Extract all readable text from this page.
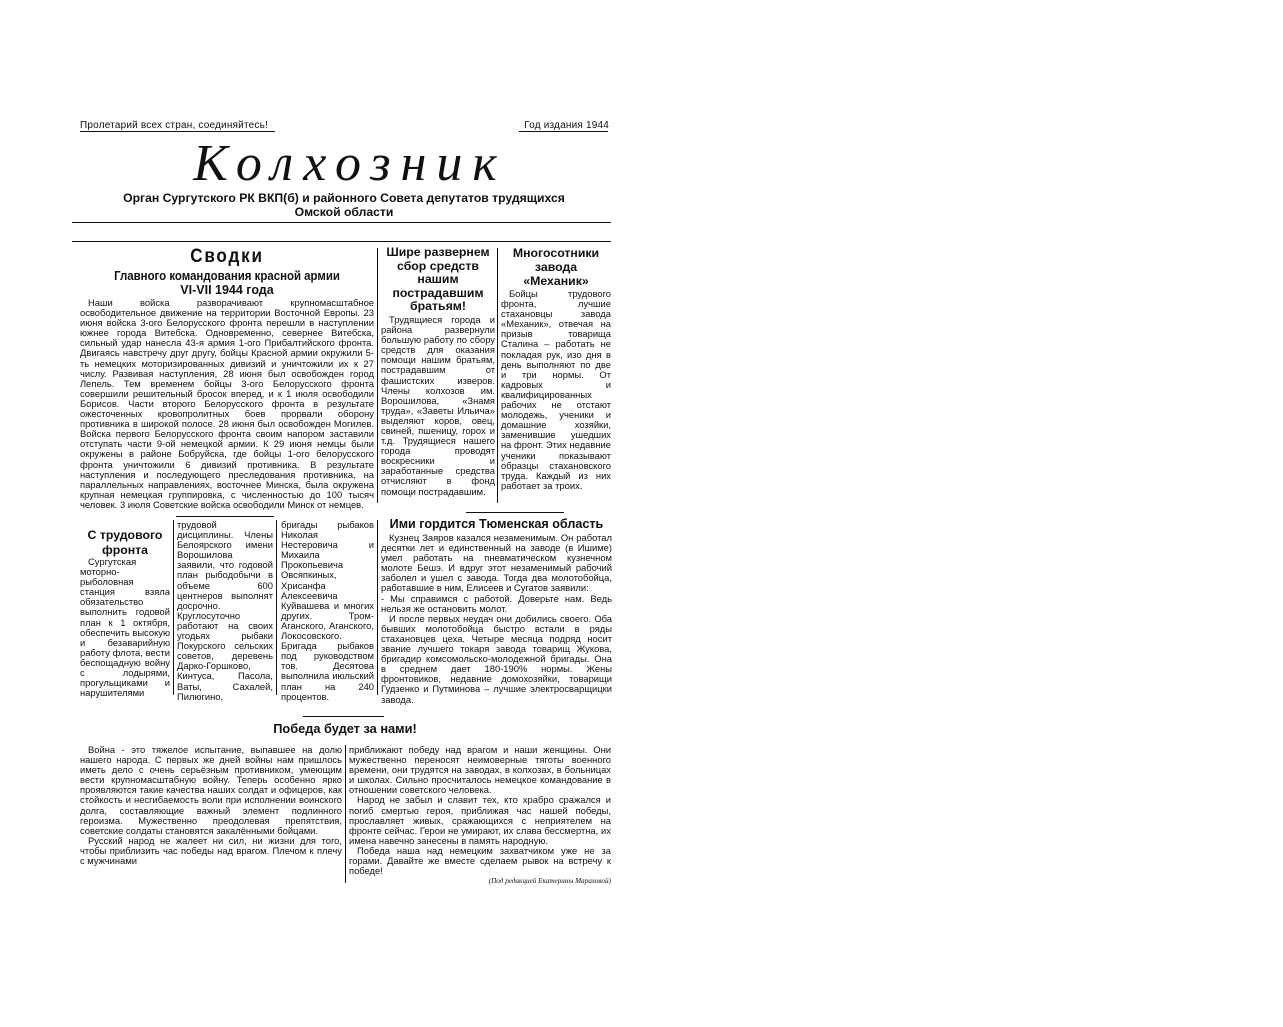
Пролетарий всех стран, соединяйтесь!	Год издания 1944
Колхозник
Орган Сургутского РК ВКП(б) и районного Совета депутатов трудящихся
Омской области
Сводки
Главного командования красной армии
VI-VII 1944 года

Наши войска разворачивают крупномасштабное освободительное движение на территории Восточной Европы. 23 июня войска 3-ого Белорусского фронта перешли в наступлении южнее города Витебска. Одновременно, севернее Витебска, сильный удар нанесла 43-я армия 1-ого Прибалтийского фронта. Двигаясь навстречу друг другу, бойцы Красной армии окружили 5-ть немецких моторизированных дивизий и уничтожили их к 27 числу. Развивая наступления, 28 июня был освобожден город Лепель. Тем временем бойцы 3-ого Белорусского фронта совершили решительный бросок вперед, и к 1 июля освободили Борисов. Части второго Белорусского фронта в результате ожесточенных кровопролитных боев прорвали оборону противника в широкой полосе. 28 июня был освобожден Могилев. Войска первого Белорусского фронта своим напором заставили отступать части 9-ой немецкой армии. К 29 июня немцы были окружены в районе Бобруйска, где бойцы 1-ого белорусского фронта уничтожили 6 дивизий противника. В результате наступления и последующего преследования противника, на параллельных направлениях, восточнее Минска, была окружена крупная немецкая группировка, с численностью до 100 тысяч человек. 3 июля Советские войска освободили Минск от немцев.

Шире развернем сбор средств нашим пострадавшим братьям!

Трудящиеся города и района развернули большую работу по сбору средств для оказания помощи нашим братьям, пострадавшим от фашистских изверов. Члены колхозов им. Ворошилова, «Знамя труда», «Заветы Ильича» выделяют коров, овец, свиней, пшеницу, горох и т.д. Трудящиеся нашего города проводят воскресники и заработанные средства отчисляют в фонд помощи пострадавшим.

Многосотники завода «Механик»

Бойцы трудового фронта, лучшие стахановцы завода «Механик», отвечая на призыв товарища Сталина – работать не покладая рук, изо дня в день выполняют по две и три нормы. От кадровых и квалифицированных рабочих не отстают молодежь, ученики и домашние хозяйки, заменившие ушедших на фронт. Этих недавние ученики показывают образцы стахановского труда. Каждый из них работает за троих.

С трудового фронта

Сургутская моторно-рыболовная станция взяла обязательство выполнить годовой план к 1 октября, обеспечить высокую и безаварийную работу флота, вести беспощадную войну с лодырями, прогульщиками и нарушителями

трудовой дисциплины. Члены Белоярского имени Ворошилова заявили, что годовой план рыбодобычи в объеме 600 центнеров выполнят досрочно. Круглосуточно работают на своих угодьях рыбаки Покурского сельских советов, деревень Дарко-Горшково, Кинтуса, Пасола, Ваты, Сахалей, Пилюгино,

бригады рыбаков Николая Нестеровича и Михаила Прокопьевича Овсяпкиных, Хрисанфа Алексеевича Куйвашева и многих других. Тром-Аганского, Аганского, Локосовского. Бригада рыбаков под руководством тов. Десятова выполнила июльский план на 240 процентов.

Ими гордится Тюменская область

Кузнец Заяров казался незаменимым. Он работал десятки лет и единственный на заводе (в Ишиме) умел работать на пневматическом кузнечном молоте Бешэ. И вдруг этот незаменимый рабочий заболел и ушел с завода. Тогда два молотобойца, работавшие в ним, Елисеев и Сугатов заявили:

- Мы справимся с работой. Доверьте нам. Ведь нельзя же остановить молот.

И после первых неудач они добились своего. Оба бывших молотобойца быстро встали в ряды стахановцев цеха. Четыре месяца подряд носит звание лучшего токаря завода товарищ Жукова, бригадир комсомольско-молодежной бригады. Она в среднем дает 180-190% нормы. Жены фронтовиков, недавние домохозяйки, товарищи Гудзенко и Путминова – лучшие электросварщицки завода.

Победа будет за нами!

Война - это тяжелое испытание, выпавшее на долю нашего народа. С первых же дней войны нам пришлось иметь дело с очень серьёзным противником, умеющим вести крупномасштабную войну. Теперь особенно ярко проявляются такие качества наших солдат и офицеров, как стойкость и несгибаемость воли при исполнении воинского долга, составляющие важный элемент подлинного героизма. Мужественно преодолевая препятствия, советские солдаты становятся закалёнными бойцами.

Русский народ не жалеет ни сил, ни жизни для того, чтобы приблизить час победы над врагом. Плечом к плечу с мужчинами

приближают победу над врагом и наши женщины. Они мужественно переносят неимоверные тяготы военного времени, они трудятся на заводах, в колхозах, в больницах и школах. Сильно просчиталось немецкое командование в отношении советского человека.

Народ не забыл и славит тех, кто храбро сражался и погиб смертью героя, приближая час нашей победы, прославляет живых, сражающихся с неприятелем на фронте сейчас. Герои не умирают, их слава бессмертна, их имена навечно занесены в память народную.

Победа наша над немецким захватчиком уже не за горами. Давайте же вместе сделаем рывок на встречу к победе!

(Под редакцией Екатерины Мараховой)
